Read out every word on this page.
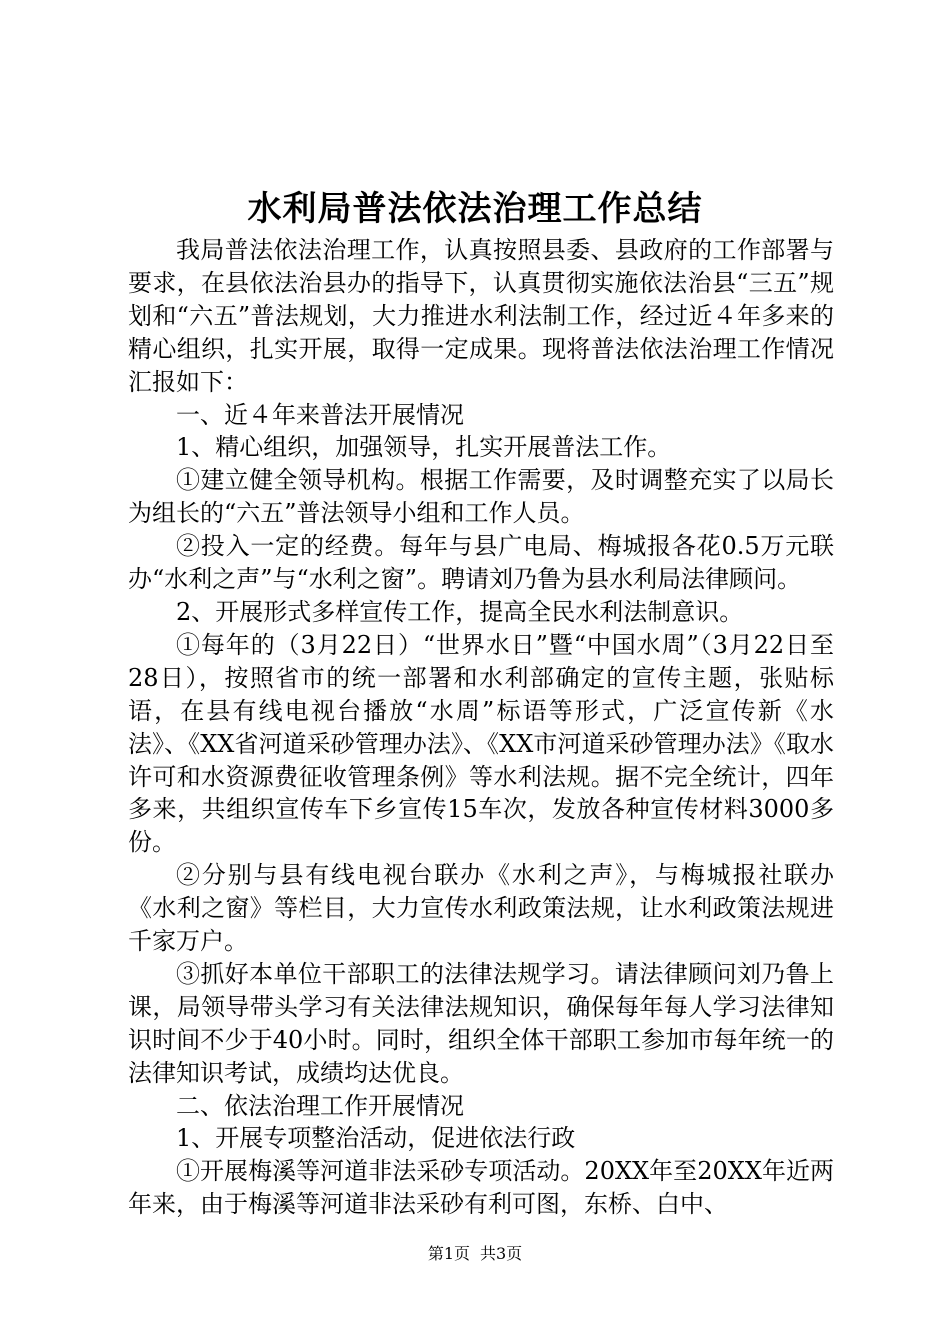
水利局普法依法治理工作总结

我局普法依法治理工作，认真按照县委、县政府的工作部署与要求，在县依法治县办的指导下，认真贯彻实施依法治县“三五”规划和“六五”普法规划，大力推进水利法制工作，经过近４年多来的精心组织，扎实开展，取得一定成果。现将普法依法治理工作情况汇报如下：

一、近４年来普法开展情况

1、精心组织，加强领导，扎实开展普法工作。

①建立健全领导机构。根据工作需要，及时调整充实了以局长为组长的“六五”普法领导小组和工作人员。

②投入一定的经费。每年与县广电局、梅城报各花0.5万元联办“水利之声”与“水利之窗”。聘请刘乃鲁为县水利局法律顾问。

2、开展形式多样宣传工作，提高全民水利法制意识。

①每年的（3月22日）“世界水日”暨“中国水周”（3月22日至28日），按照省市的统一部署和水利部确定的宣传主题，张贴标语，在县有线电视台播放“水周”标语等形式，广泛宣传新《水法》、《XX省河道采砂管理办法》、《XX市河道采砂管理办法》《取水许可和水资源费征收管理条例》等水利法规。据不完全统计，四年多来，共组织宣传车下乡宣传15车次，发放各种宣传材料3000多份。

②分别与县有线电视台联办《水利之声》，与梅城报社联办《水利之窗》等栏目，大力宣传水利政策法规，让水利政策法规进千家万户。

③抓好本单位干部职工的法律法规学习。请法律顾问刘乃鲁上课，局领导带头学习有关法律法规知识，确保每年每人学习法律知识时间不少于40小时。同时，组织全体干部职工参加市每年统一的法律知识考试，成绩均达优良。

二、依法治理工作开展情况

1、开展专项整治活动，促进依法行政

①开展梅溪等河道非法采砂专项活动。20XX年至20XX年近两年来，由于梅溪等河道非法采砂有利可图，东桥、白中、

第1页 共3页
